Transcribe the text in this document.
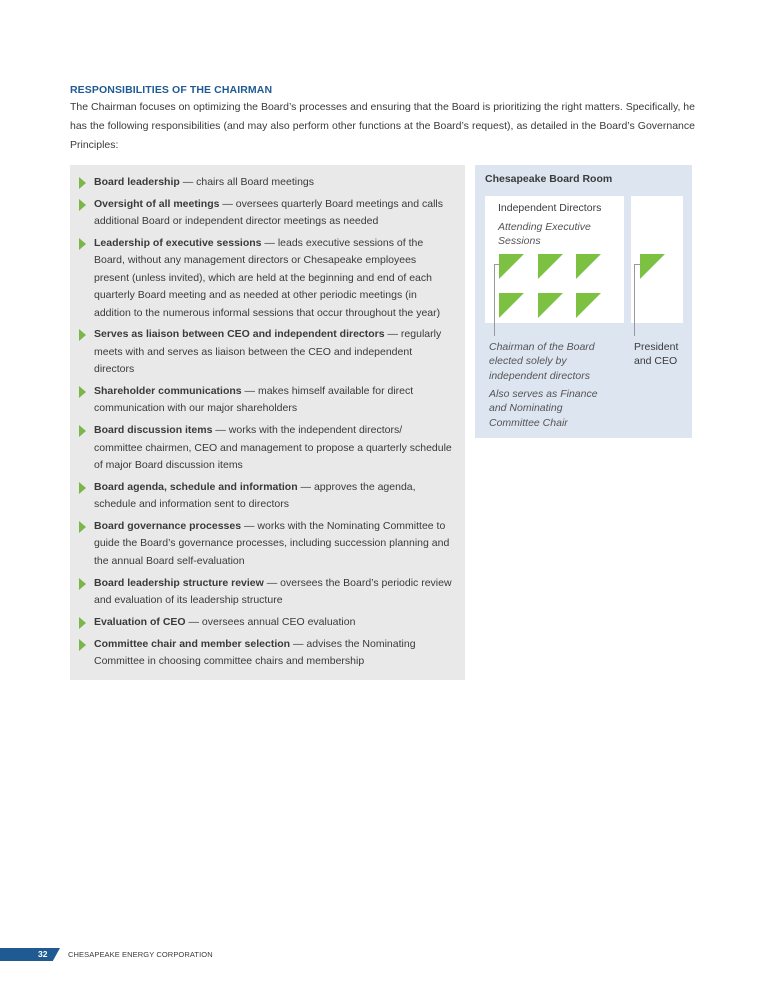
RESPONSIBILITIES OF THE CHAIRMAN
The Chairman focuses on optimizing the Board’s processes and ensuring that the Board is prioritizing the right matters. Specifically, he has the following responsibilities (and may also perform other functions at the Board’s request), as detailed in the Board’s Governance Principles:
Board leadership — chairs all Board meetings
Oversight of all meetings — oversees quarterly Board meetings and calls additional Board or independent director meetings as needed
Leadership of executive sessions — leads executive sessions of the Board, without any management directors or Chesapeake employees present (unless invited), which are held at the beginning and end of each quarterly Board meeting and as needed at other periodic meetings (in addition to the numerous informal sessions that occur throughout the year)
Serves as liaison between CEO and independent directors — regularly meets with and serves as liaison between the CEO and independent directors
Shareholder communications — makes himself available for direct communication with our major shareholders
Board discussion items — works with the independent directors/ committee chairmen, CEO and management to propose a quarterly schedule of major Board discussion items
Board agenda, schedule and information — approves the agenda, schedule and information sent to directors
Board governance processes — works with the Nominating Committee to guide the Board’s governance processes, including succession planning and the annual Board self-evaluation
Board leadership structure review — oversees the Board’s periodic review and evaluation of its leadership structure
Evaluation of CEO — oversees annual CEO evaluation
Committee chair and member selection — advises the Nominating Committee in choosing committee chairs and membership
Chesapeake Board Room
Independent Directors
Attending Executive Sessions
Chairman of the Board elected solely by independent directors
Also serves as Finance and Nominating Committee Chair
President and CEO
32	CHESAPEAKE ENERGY CORPORATION
